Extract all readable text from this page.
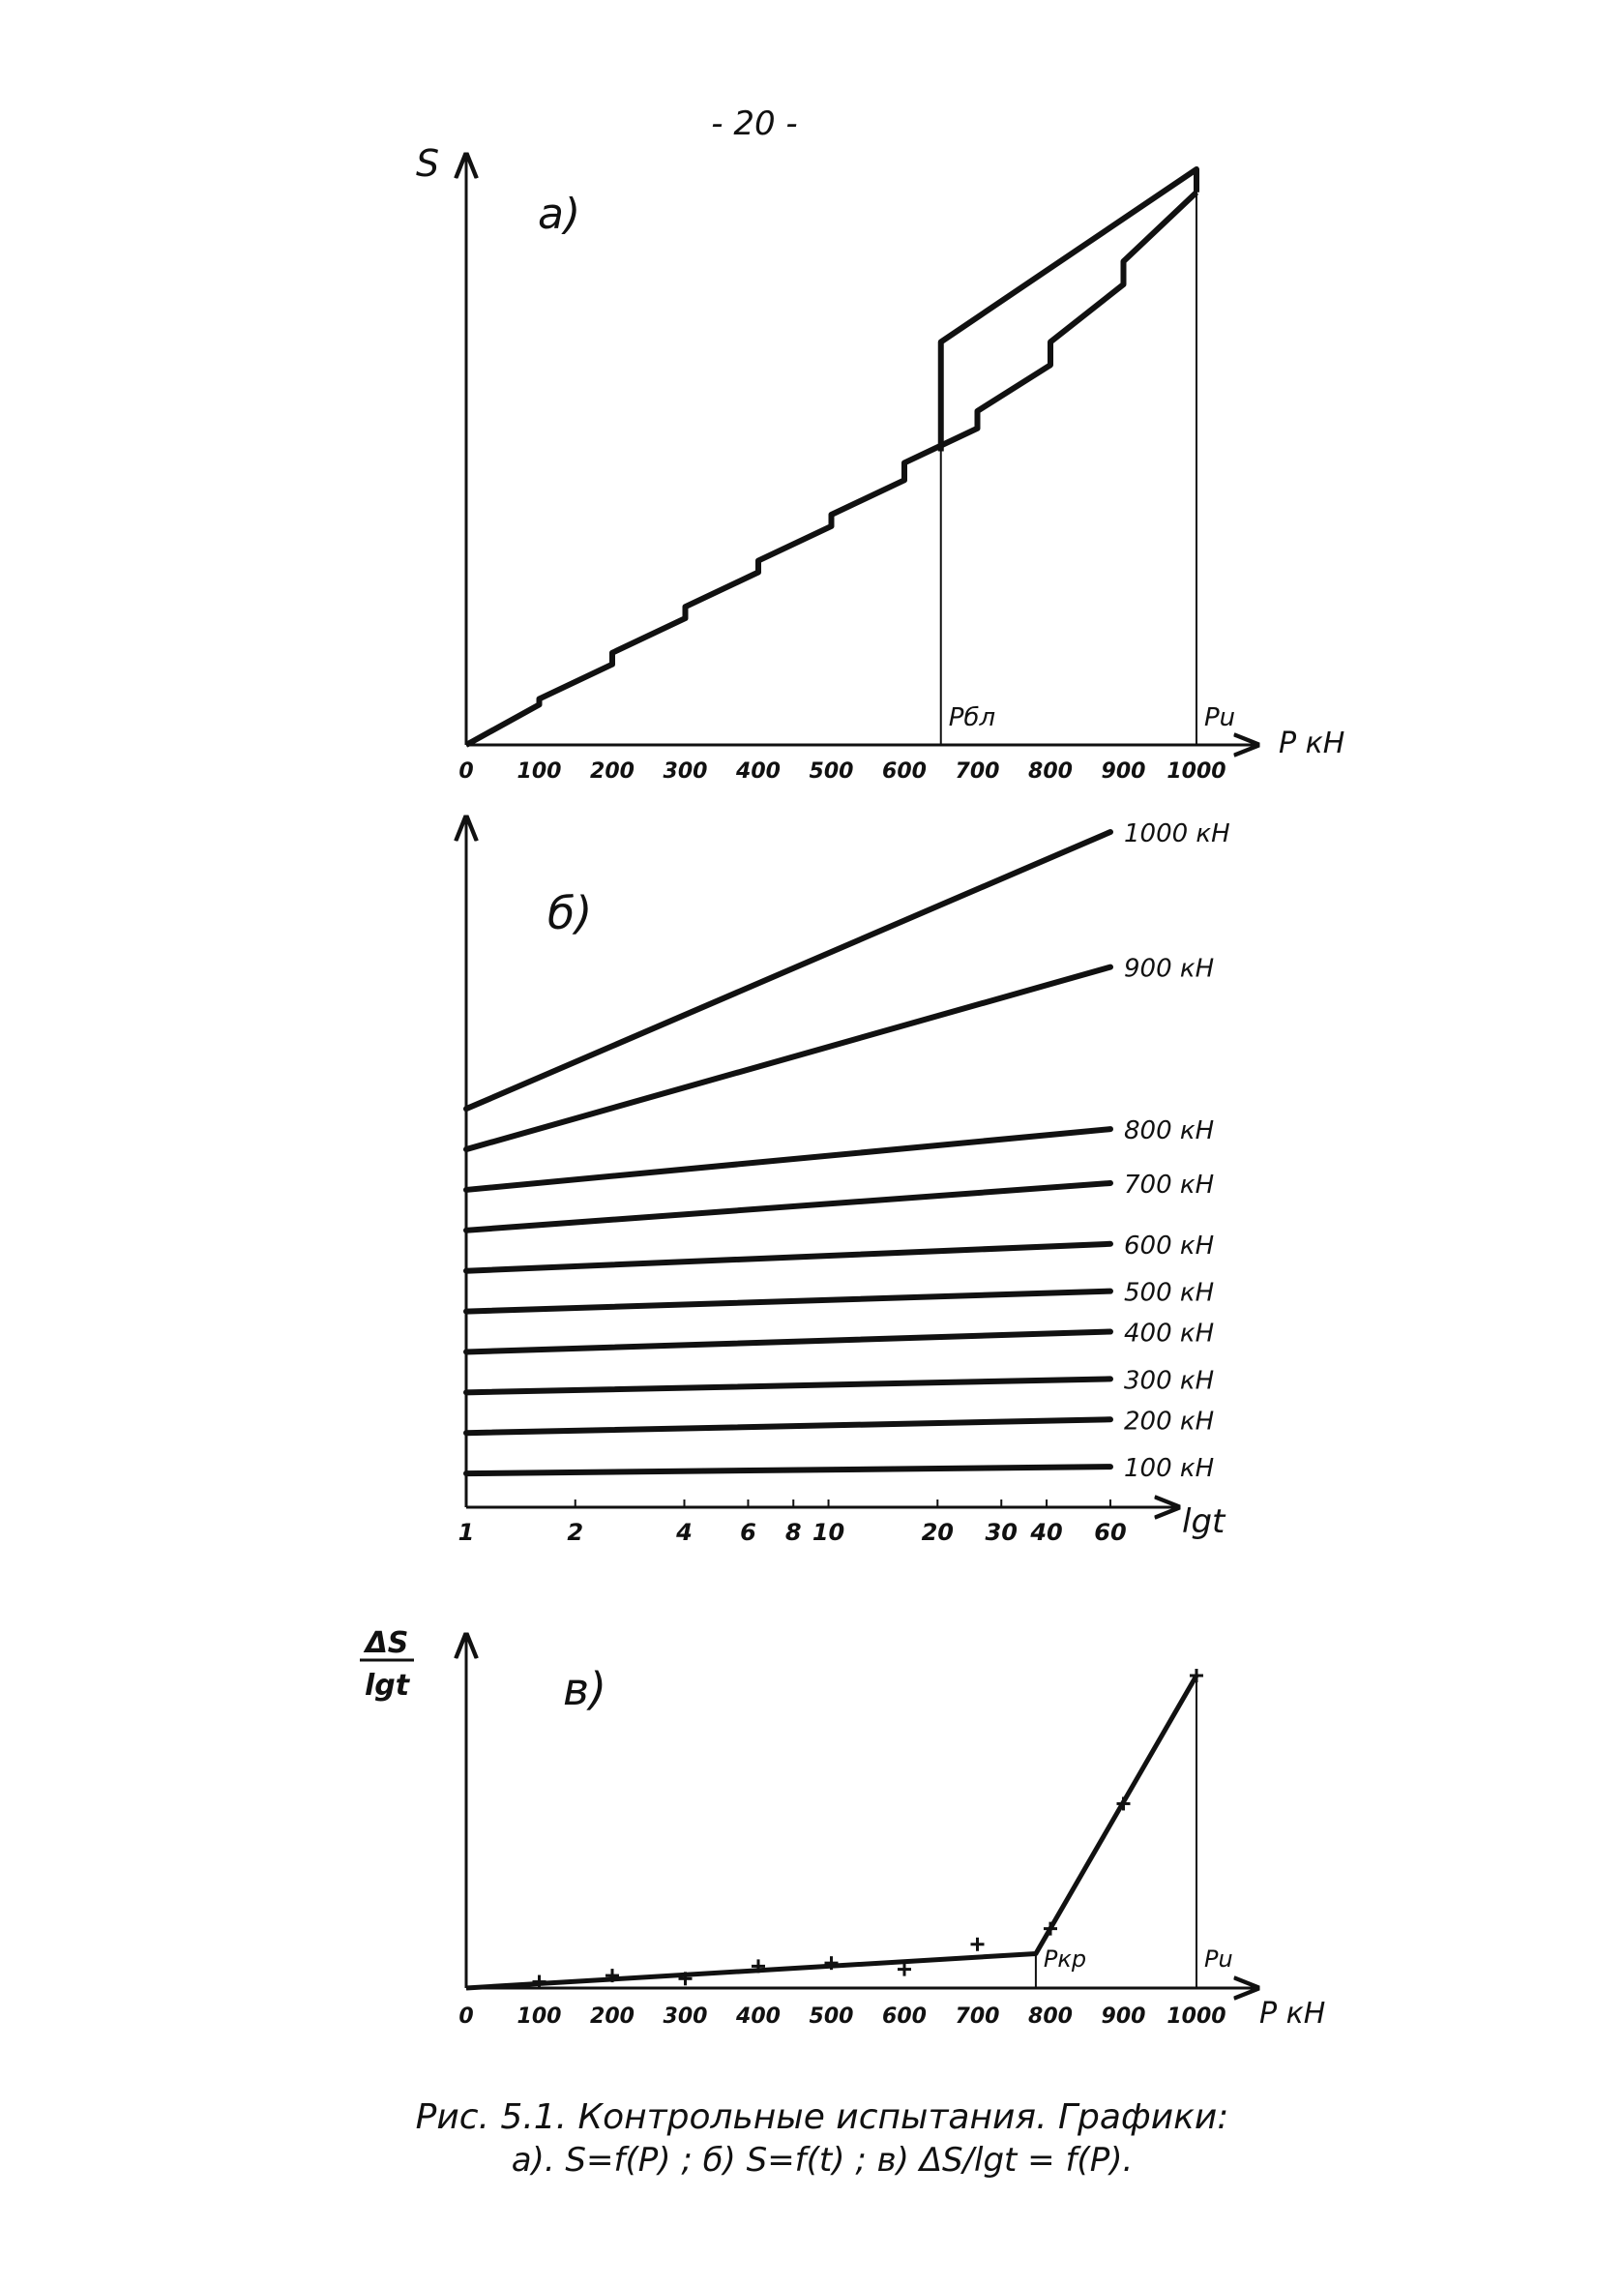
- 20 -
0 100 200 300 400 500 600 700 800 900 1000
P кН
S
а)
Pбл	Pu
1	2	4 6 8 10	20 30 40 60 lgt
б)
100 кН
200 кН
300 кН
400 кН
500 кН
600 кН
700 кН
800 кН
900 кН
1000 кН
0 100 200 300 400 500 600 700 800 900 1000 P кН
ΔS
lgt	в)
Pкр	Pu
Рис. 5.1. Контрольные испытания. Графики:
а). S=f(P) ; б) S=f(t) ; в) ΔS/lgt = f(P).
